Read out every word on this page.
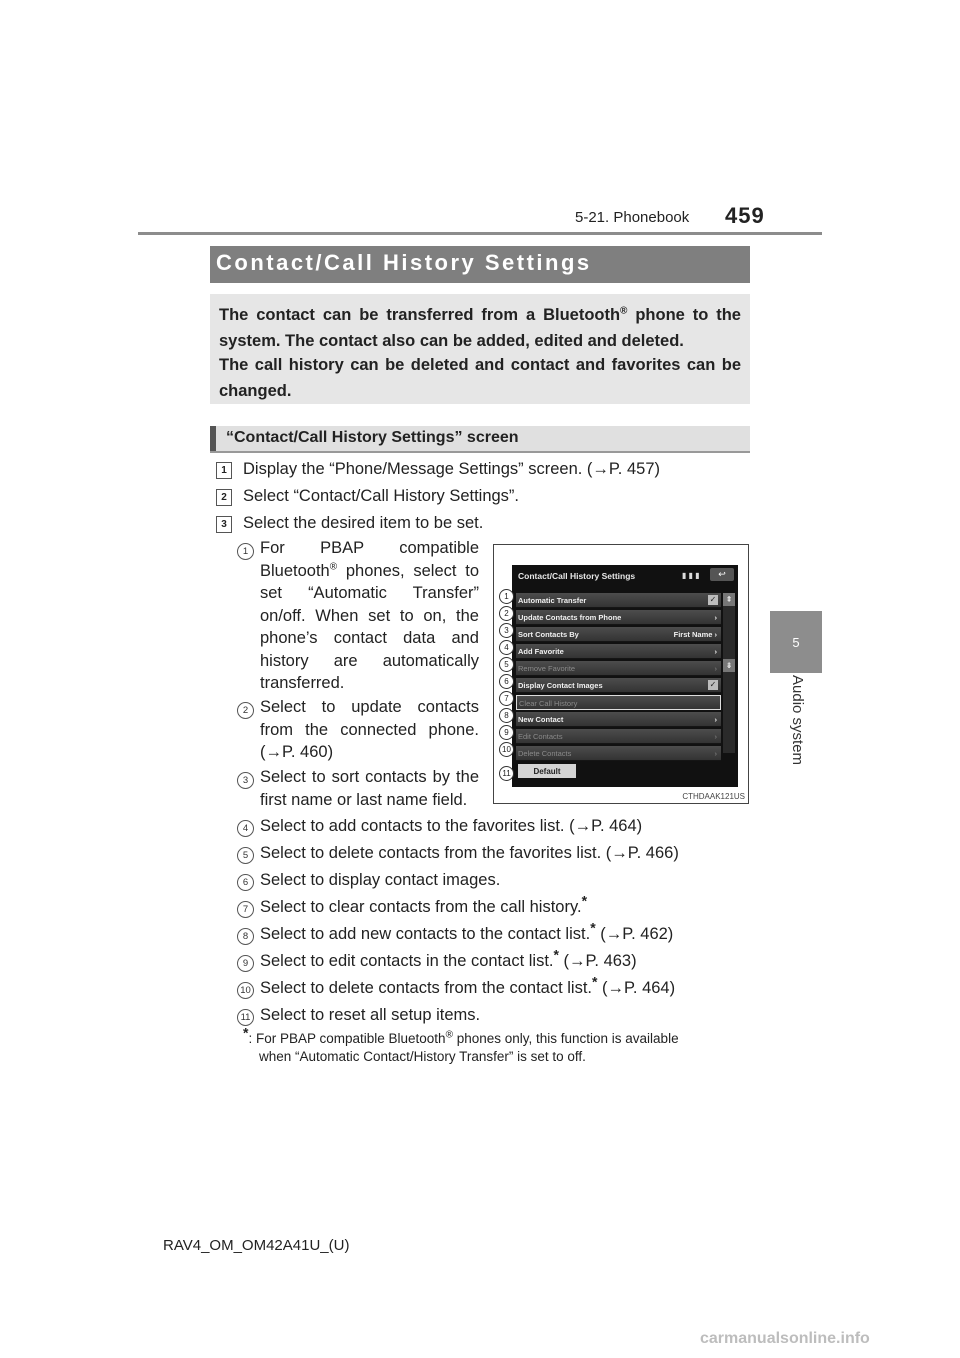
5-21. Phonebook 459
5
Audio system
Contact/Call History Settings
The contact can be transferred from a Bluetooth® phone to the system. The contact also can be added, edited and deleted.
The call history can be deleted and contact and favorites can be changed.
“Contact/Call History Settings” screen
1 Display the “Phone/Message Settings” screen. (→P. 457)
2 Select “Contact/Call History Settings”.
3 Select the desired item to be set.
1 For PBAP compatible Bluetooth® phones, select to set “Automatic Transfer” on/off. When set to on, the phone’s contact data and history are automatically transferred.
2 Select to update contacts from the connected phone. (→P. 460)
3 Select to sort contacts by the first name or last name field.
4 Select to add contacts to the favorites list. (→P. 464)
5 Select to delete contacts from the favorites list. (→P. 466)
6 Select to display contact images.
7 Select to clear contacts from the call history.*
8 Select to add new contacts to the contact list.* (→P. 462)
9 Select to edit contacts in the contact list.* (→P. 463)
10 Select to delete contacts from the contact list.* (→P. 464)
11 Select to reset all setup items.
*: For PBAP compatible Bluetooth® phones only, this function is available
when “Automatic Contact/History Transfer” is set to off.
Contact/Call History Settings	▮ ▮ ▮	↩
Automatic Transfer	✓
Update Contacts from Phone	›
Sort Contacts By	First Name ›
Add Favorite	›
Remove Favorite	›
Display Contact Images	✓
Clear Call History
New Contact	›
Edit Contacts	›
Delete Contacts	›
⇞
⇟
Default
1
2
3
4
5
6
7
8
9
10
11
CTHDAAK121US
RAV4_OM_OM42A41U_(U)
carmanualsonline.info
